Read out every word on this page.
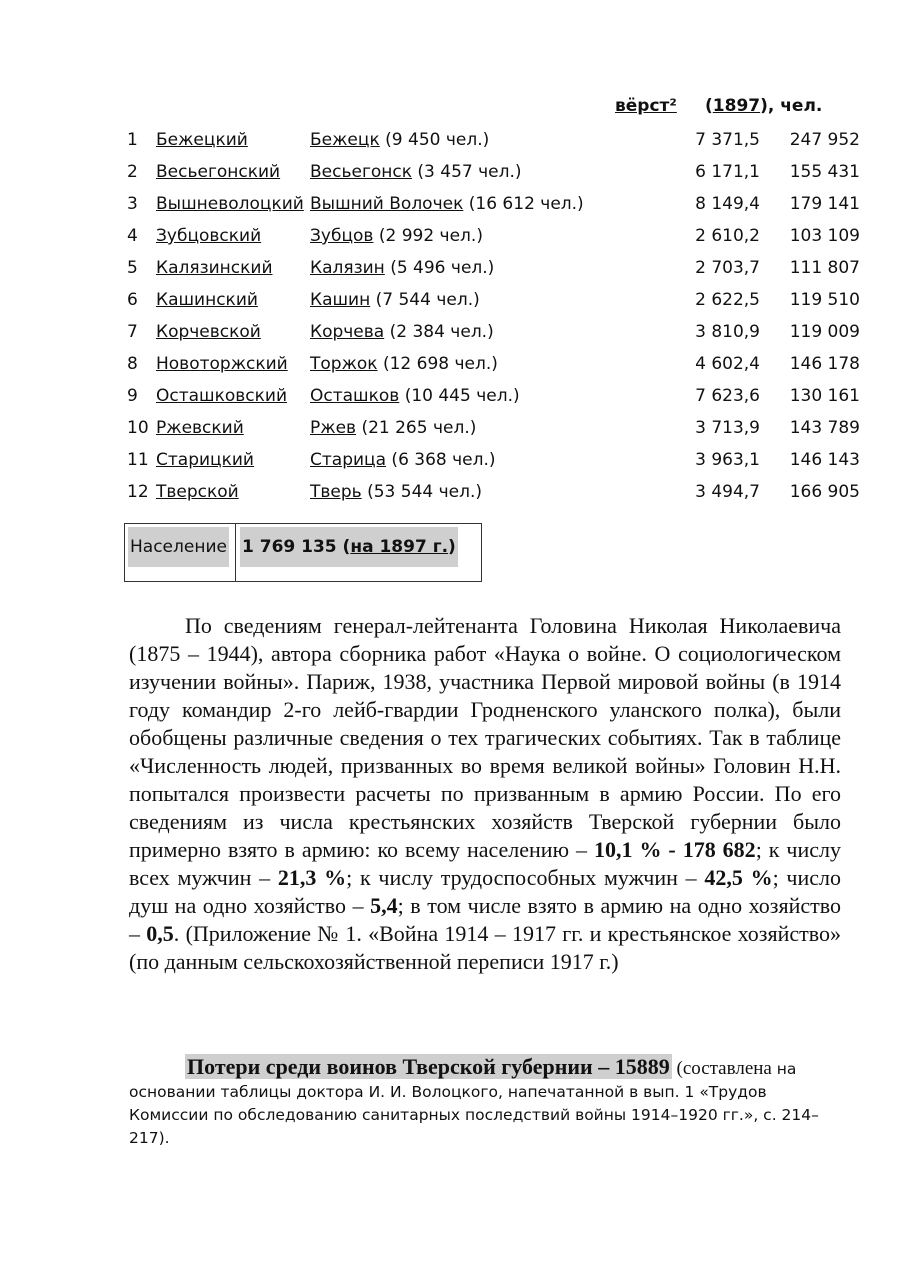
вёрст² (1897), чел.
1	Бежецкий	Бежецк (9 450 чел.)	7 371,5	247 952
2	Весьегонский	Весьегонск (3 457 чел.)	6 171,1	155 431
3	Вышневолоцкий	Вышний Волочек (16 612 чел.)	8 149,4	179 141
4	Зубцовский	Зубцов (2 992 чел.)	2 610,2	103 109
5	Калязинский	Калязин (5 496 чел.)	2 703,7	111 807
6	Кашинский	Кашин (7 544 чел.)	2 622,5	119 510
7	Корчевской	Корчева (2 384 чел.)	3 810,9	119 009
8	Новоторжский	Торжок (12 698 чел.)	4 602,4	146 178
9	Осташковский	Осташков (10 445 чел.)	7 623,6	130 161
10	Ржевский	Ржев (21 265 чел.)	3 713,9	143 789
11	Старицкий	Старица (6 368 чел.)	3 963,1	146 143
12	Тверской	Тверь (53 544 чел.)	3 494,7	166 905
Население 1 769 135 (на 1897 г.)

По сведениям генерал-лейтенанта Головина Николая Николаевича (1875 – 1944), автора сборника работ «Наука о войне. О социологическом изучении войны». Париж, 1938, участника Первой мировой войны (в 1914 году командир 2-го лейб-гвардии Гродненского уланского полка), были обобщены различные сведения о тех трагических событиях. Так в таблице «Численность людей, призванных во время великой войны» Головин Н.Н. попытался произвести расчеты по призванным в армию России. По его сведениям из числа крестьянских хозяйств Тверской губернии было примерно взято в армию: ко всему населению – 10,1 % - 178 682; к числу всех мужчин – 21,3 %; к числу трудоспособных мужчин – 42,5 %; число душ на одно хозяйство – 5,4; в том числе взято в армию на одно хозяйство – 0,5. (Приложение № 1. «Война 1914 – 1917 гг. и крестьянское хозяйство» (по данным сельскохозяйственной переписи 1917 г.)

Потери среди воинов Тверской губернии – 15889 (составлена на основании таблицы доктора И. И. Волоцкого, напечатанной в вып. 1 «Трудов Комиссии по обследованию санитарных последствий войны 1914–1920 гг.», с. 214–217).
